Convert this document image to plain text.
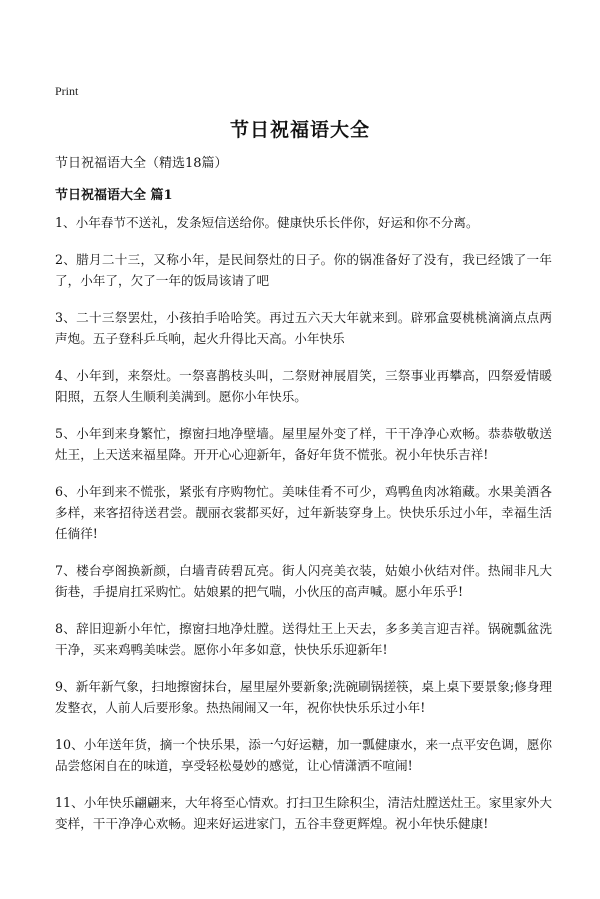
Print
节日祝福语大全
节日祝福语大全（精选18篇）
节日祝福语大全 篇1
1、小年春节不送礼，发条短信送给你。健康快乐长伴你，好运和你不分离。
2、腊月二十三，又称小年，是民间祭灶的日子。你的锅准备好了没有，我已经饿了一年了，小年了，欠了一年的饭局该请了吧
3、二十三祭罢灶，小孩拍手哈哈笑。再过五六天大年就来到。辟邪盒耍桃桃滴滴点点两声炮。五子登科乒乓响，起火升得比天高。小年快乐
4、小年到，来祭灶。一祭喜鹊枝头叫，二祭财神展眉笑，三祭事业再攀高，四祭爱情暖阳照，五祭人生顺利美满到。愿你小年快乐。
5、小年到来身繁忙，擦窗扫地净壁墙。屋里屋外变了样，干干净净心欢畅。恭恭敬敬送灶王，上天送来福星降。开开心心迎新年，备好年货不慌张。祝小年快乐吉祥!
6、小年到来不慌张，紧张有序购物忙。美味佳肴不可少，鸡鸭鱼肉冰箱藏。水果美酒各多样，来客招待送君尝。靓丽衣裳都买好，过年新装穿身上。快快乐乐过小年，幸福生活任徜徉!
7、楼台亭阁换新颜，白墙青砖碧瓦亮。街人闪亮美衣装，姑娘小伙结对伴。热闹非凡大街巷，手提肩扛采购忙。姑娘累的把气喘，小伙压的高声喊。愿小年乐乎!
8、辞旧迎新小年忙，擦窗扫地净灶膛。送得灶王上天去，多多美言迎吉祥。锅碗瓢盆洗干净，买来鸡鸭美味尝。愿你小年多如意，快快乐乐迎新年!
9、新年新气象，扫地擦窗抹台，屋里屋外要新象;洗碗刷锅搓筷，桌上桌下要景象;修身理发整衣，人前人后要形象。热热闹闹又一年，祝你快快乐乐过小年!
10、小年送年货，摘一个快乐果，添一勺好运糖，加一瓢健康水，来一点平安色调，愿你品尝悠闲自在的味道，享受轻松曼妙的感觉，让心情潇洒不喧闹!
11、小年快乐翩翩来，大年将至心情欢。打扫卫生除积尘，清洁灶膛送灶王。家里家外大变样，干干净净心欢畅。迎来好运进家门，五谷丰登更辉煌。祝小年快乐健康!
